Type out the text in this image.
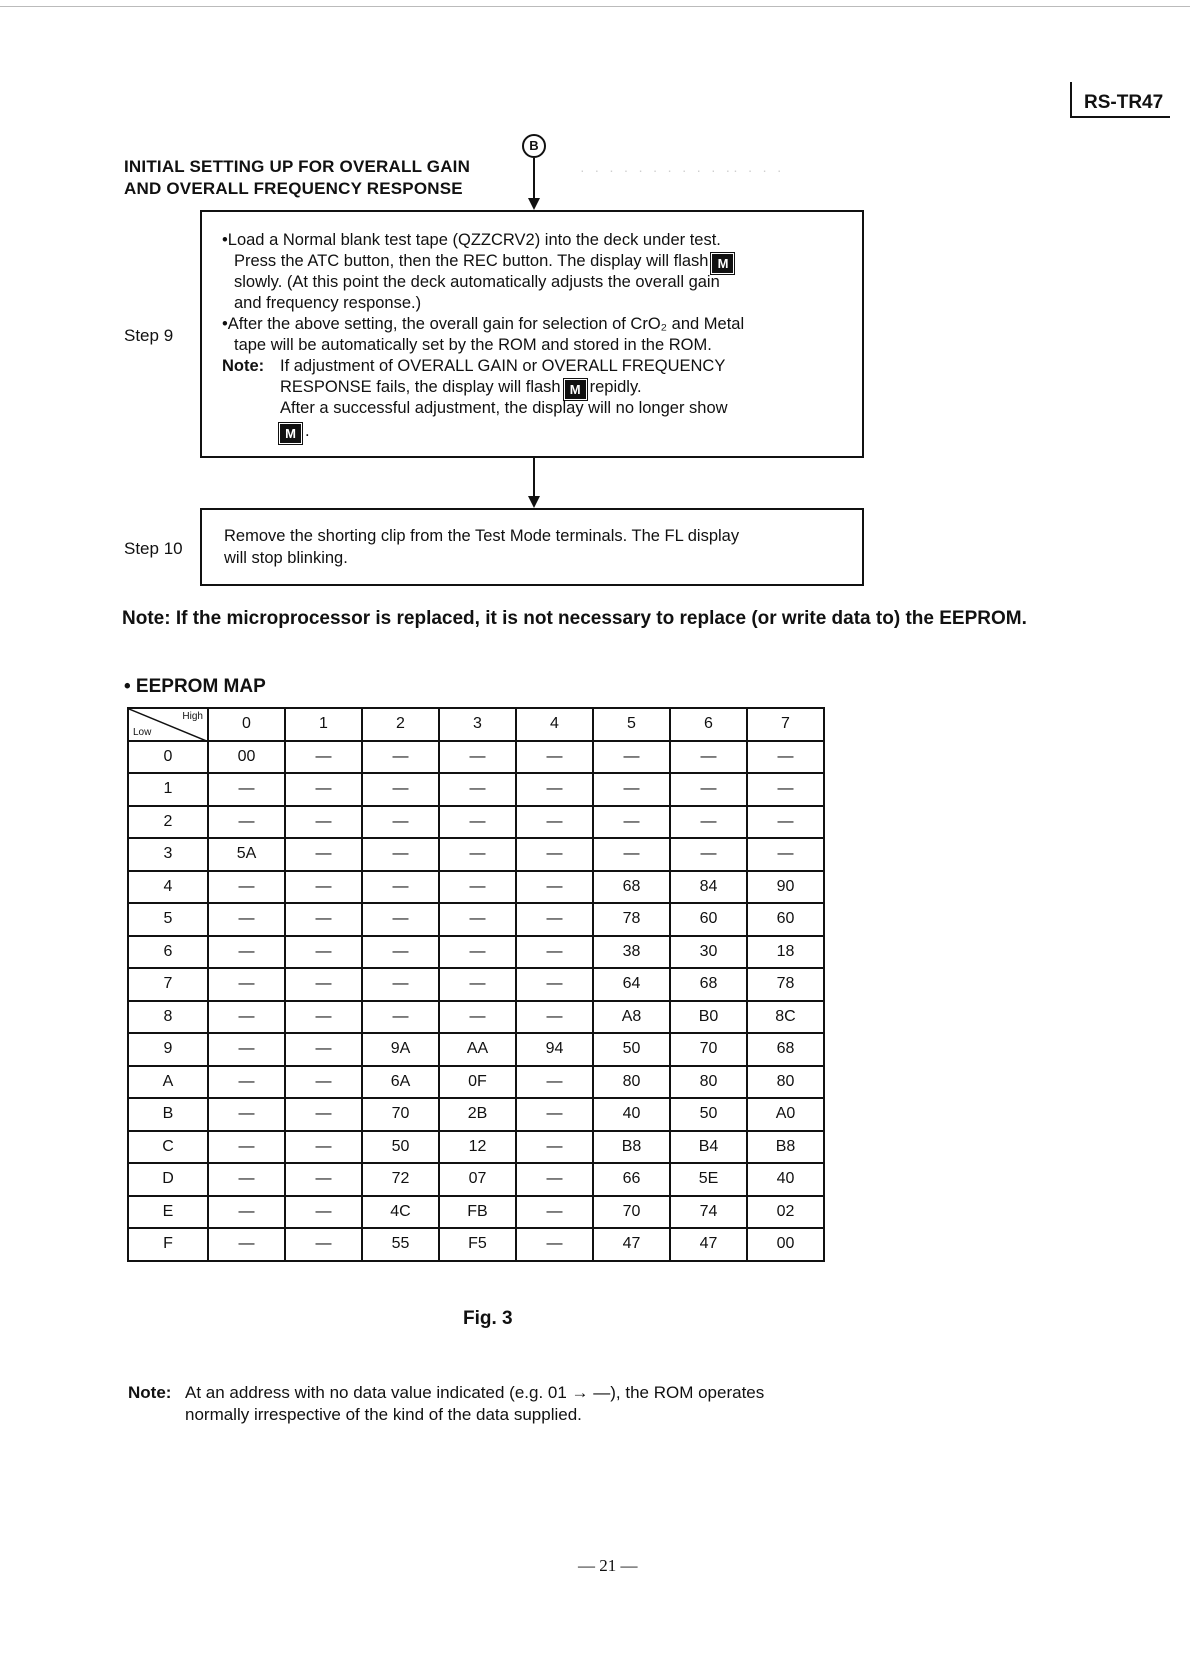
RS-TR47
INITIAL SETTING UP FOR OVERALL GAIN
AND OVERALL FREQUENCY RESPONSE
· · · · · · · · · · ·· · · ·
B
Step 9
•Load a Normal blank test tape (QZZCRV2) into the deck under test.
Press the ATC button, then the REC button. The display will flash M
slowly. (At this point the deck automatically adjusts the overall gain
and frequency response.)
•After the above setting, the overall gain for selection of CrO₂ and Metal
tape will be automatically set by the ROM and stored in the ROM.
Note: If adjustment of OVERALL GAIN or OVERALL FREQUENCY
RESPONSE fails, the display will flash M repidly.
After a successful adjustment, the display will no longer show
M .
Step 10
Remove the shorting clip from the Test Mode terminals. The FL display
will stop blinking.
Note: If the microprocessor is replaced, it is not necessary to replace (or write data to) the EEPROM.
• EEPROM MAP
High
Low	0	1	2	3	4	5	6	7
0	00	—	—	—	—	—	—	—
1	—	—	—	—	—	—	—	—
2	—	—	—	—	—	—	—	—
3	5A	—	—	—	—	—	—	—
4	—	—	—	—	—	68	84	90
5	—	—	—	—	—	78	60	60
6	—	—	—	—	—	38	30	18
7	—	—	—	—	—	64	68	78
8	—	—	—	—	—	A8	B0	8C
9	—	—	9A	AA	94	50	70	68
A	—	—	6A	0F	—	80	80	80
B	—	—	70	2B	—	40	50	A0
C	—	—	50	12	—	B8	B4	B8
D	—	—	72	07	—	66	5E	40
E	—	—	4C	FB	—	70	74	02
F	—	—	55	F5	—	47	47	00
Fig. 3
Note: At an address with no data value indicated (e.g. 01 → —), the ROM operates
normally irrespective of the kind of the data supplied.
— 21 —
